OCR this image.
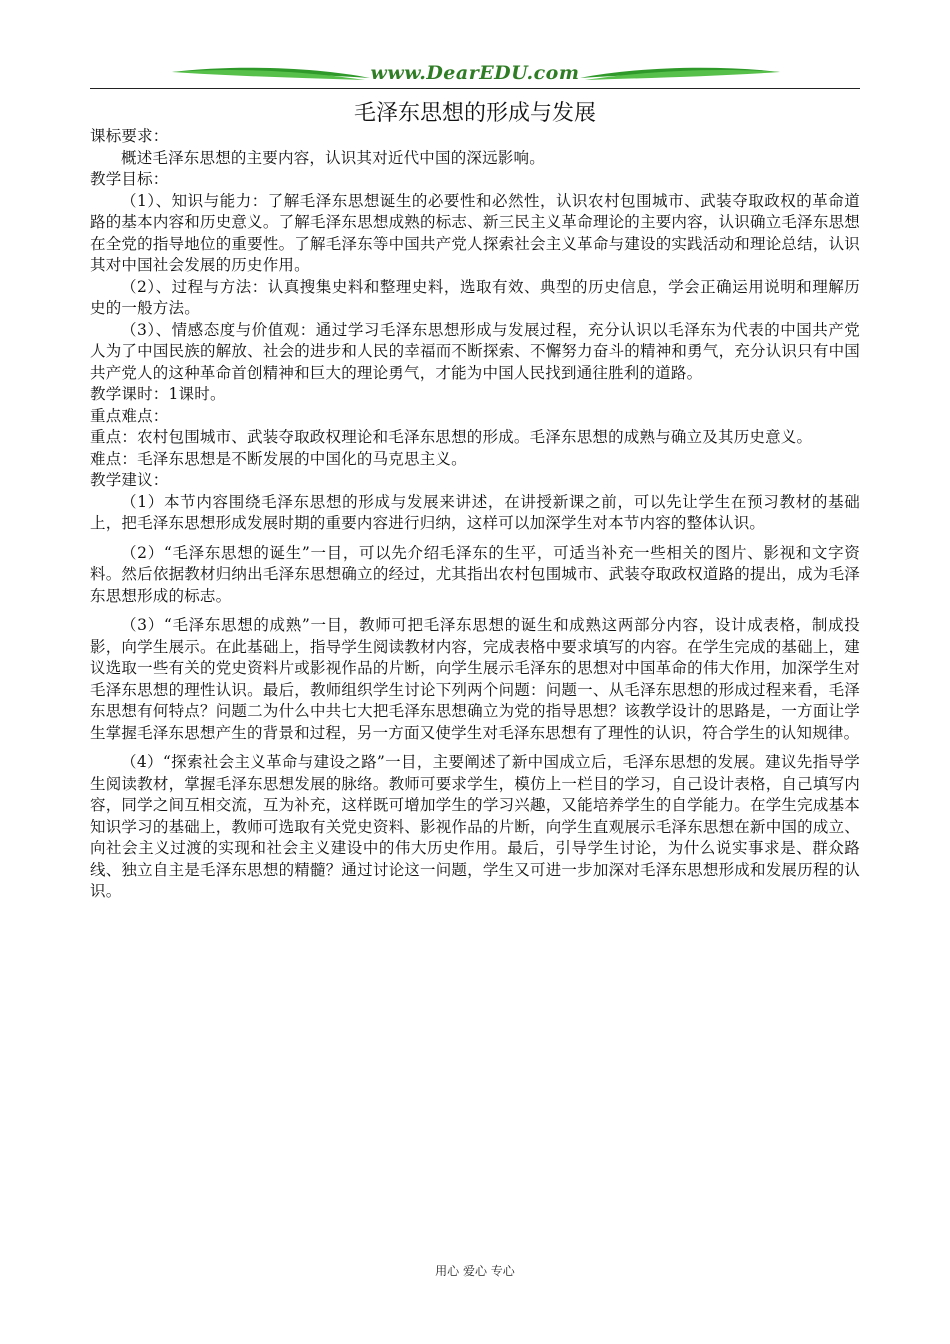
www.DearEDU.com
毛泽东思想的形成与发展

课标要求：

概述毛泽东思想的主要内容，认识其对近代中国的深远影响。

教学目标：

（1）、知识与能力：了解毛泽东思想诞生的必要性和必然性，认识农村包围城市、武装夺取政权的革命道路的基本内容和历史意义。了解毛泽东思想成熟的标志、新三民主义革命理论的主要内容，认识确立毛泽东思想在全党的指导地位的重要性。了解毛泽东等中国共产党人探索社会主义革命与建设的实践活动和理论总结，认识其对中国社会发展的历史作用。

（2）、过程与方法：认真搜集史料和整理史料，选取有效、典型的历史信息，学会正确运用说明和理解历史的一般方法。

（3）、情感态度与价值观：通过学习毛泽东思想形成与发展过程，充分认识以毛泽东为代表的中国共产党人为了中国民族的解放、社会的进步和人民的幸福而不断探索、不懈努力奋斗的精神和勇气，充分认识只有中国共产党人的这种革命首创精神和巨大的理论勇气，才能为中国人民找到通往胜利的道路。

教学课时：1课时。

重点难点：

重点：农村包围城市、武装夺取政权理论和毛泽东思想的形成。毛泽东思想的成熟与确立及其历史意义。

难点：毛泽东思想是不断发展的中国化的马克思主义。

教学建议：

（1）本节内容围绕毛泽东思想的形成与发展来讲述，在讲授新课之前，可以先让学生在预习教材的基础上，把毛泽东思想形成发展时期的重要内容进行归纳，这样可以加深学生对本节内容的整体认识。

（2）“毛泽东思想的诞生”一目，可以先介绍毛泽东的生平，可适当补充一些相关的图片、影视和文字资料。然后依据教材归纳出毛泽东思想确立的经过，尤其指出农村包围城市、武装夺取政权道路的提出，成为毛泽东思想形成的标志。

（3）“毛泽东思想的成熟”一目，教师可把毛泽东思想的诞生和成熟这两部分内容，设计成表格，制成投影，向学生展示。在此基础上，指导学生阅读教材内容，完成表格中要求填写的内容。在学生完成的基础上，建议选取一些有关的党史资料片或影视作品的片断，向学生展示毛泽东的思想对中国革命的伟大作用，加深学生对毛泽东思想的理性认识。最后，教师组织学生讨论下列两个问题：问题一、从毛泽东思想的形成过程来看，毛泽东思想有何特点？问题二为什么中共七大把毛泽东思想确立为党的指导思想？该教学设计的思路是，一方面让学生掌握毛泽东思想产生的背景和过程，另一方面又使学生对毛泽东思想有了理性的认识，符合学生的认知规律。

（4）“探索社会主义革命与建设之路”一目，主要阐述了新中国成立后，毛泽东思想的发展。建议先指导学生阅读教材，掌握毛泽东思想发展的脉络。教师可要求学生，模仿上一栏目的学习，自己设计表格，自己填写内容，同学之间互相交流，互为补充，这样既可增加学生的学习兴趣，又能培养学生的自学能力。在学生完成基本知识学习的基础上，教师可选取有关党史资料、影视作品的片断，向学生直观展示毛泽东思想在新中国的成立、向社会主义过渡的实现和社会主义建设中的伟大历史作用。最后，引导学生讨论，为什么说实事求是、群众路线、独立自主是毛泽东思想的精髓？通过讨论这一问题，学生又可进一步加深对毛泽东思想形成和发展历程的认识。

用心 爱心 专心
